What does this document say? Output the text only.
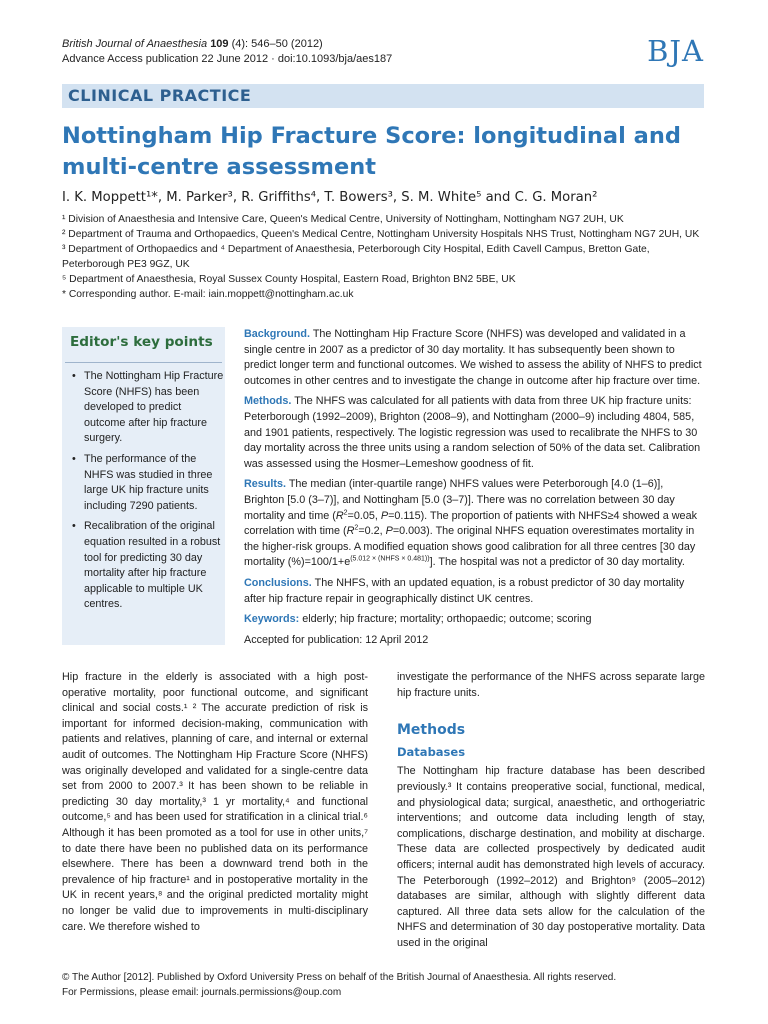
British Journal of Anaesthesia 109 (4): 546–50 (2012)
Advance Access publication 22 June 2012 · doi:10.1093/bja/aes187	BJA
CLINICAL PRACTICE
Nottingham Hip Fracture Score: longitudinal and multi-centre assessment
I. K. Moppett¹*, M. Parker³, R. Griffiths⁴, T. Bowers³, S. M. White⁵ and C. G. Moran²
¹ Division of Anaesthesia and Intensive Care, Queen's Medical Centre, University of Nottingham, Nottingham NG7 2UH, UK
² Department of Trauma and Orthopaedics, Queen's Medical Centre, Nottingham University Hospitals NHS Trust, Nottingham NG7 2UH, UK
³ Department of Orthopaedics and ⁴ Department of Anaesthesia, Peterborough City Hospital, Edith Cavell Campus, Bretton Gate,
Peterborough PE3 9GZ, UK
⁵ Department of Anaesthesia, Royal Sussex County Hospital, Eastern Road, Brighton BN2 5BE, UK
* Corresponding author. E-mail: iain.moppett@nottingham.ac.uk
Editor's key points
• The Nottingham Hip Fracture Score (NHFS) has been developed to predict outcome after hip fracture surgery.
• The performance of the NHFS was studied in three large UK hip fracture units including 7290 patients.
• Recalibration of the original equation resulted in a robust tool for predicting 30 day mortality after hip fracture applicable to multiple UK centres.

Background. The Nottingham Hip Fracture Score (NHFS) was developed and validated in a single centre in 2007 as a predictor of 30 day mortality. It has subsequently been shown to predict longer term and functional outcomes. We wished to assess the ability of NHFS to predict outcomes in other centres and to investigate the change in outcome after hip fracture over time.

Methods. The NHFS was calculated for all patients with data from three UK hip fracture units: Peterborough (1992–2009), Brighton (2008–9), and Nottingham (2000–9) including 4804, 585, and 1901 patients, respectively. The logistic regression was used to recalibrate the NHFS to 30 day mortality across the three units using a random selection of 50% of the data set. Calibration was assessed using the Hosmer–Lemeshow goodness of fit.

Results. The median (inter-quartile range) NHFS values were Peterborough [4.0 (1–6)], Brighton [5.0 (3–7)], and Nottingham [5.0 (3–7)]. There was no correlation between 30 day mortality and time ($R^2=0.05$, P=0.115). The proportion of patients with NHFS≥4 showed a weak correlation with time ($R^2=0.2$, P=0.003). The original NHFS equation overestimates mortality in the higher-risk groups. A modified equation shows good calibration for all three centres [30 day mortality $(\%)=100/1+e^{(5.012 \times (NHFS \times 0.481))}$]. The hospital was not a predictor of 30 day mortality.

Conclusions. The NHFS, with an updated equation, is a robust predictor of 30 day mortality after hip fracture repair in geographically distinct UK centres.

Keywords: elderly; hip fracture; mortality; orthopaedic; outcome; scoring

Accepted for publication: 12 April 2012

Hip fracture in the elderly is associated with a high post-operative mortality, poor functional outcome, and significant clinical and social costs.¹ ² The accurate prediction of risk is important for informed decision-making, communication with patients and relatives, planning of care, and internal or external audit of outcomes. The Nottingham Hip Fracture Score (NHFS) was originally developed and validated for a single-centre data set from 2000 to 2007.³ It has been shown to be reliable in predicting 30 day mortality,³ 1 yr mortality,⁴ and functional outcome,⁵ and has been used for stratification in a clinical trial.⁶ Although it has been promoted as a tool for use in other units,⁷ to date there have been no published data on its performance elsewhere. There has been a downward trend both in the prevalence of hip fracture¹ and in postoperative mortality in the UK in recent years,⁸ and the original predicted mortality might no longer be valid due to improvements in multi-disciplinary care. We therefore wished to
investigate the performance of the NHFS across separate large hip fracture units.
Methods
Databases
The Nottingham hip fracture database has been described previously.³ It contains preoperative social, functional, medical, and physiological data; surgical, anaesthetic, and orthogeriatric interventions; and outcome data including length of stay, complications, discharge destination, and mobility at discharge. These data are collected prospectively by dedicated audit officers; internal audit has demonstrated high levels of accuracy. The Peterborough (1992–2012) and Brighton⁹ (2005–2012) databases are similar, although with slightly different data captured. All three data sets allow for the calculation of the NHFS and determination of 30 day postoperative mortality. Data used in the original
© The Author [2012]. Published by Oxford University Press on behalf of the British Journal of Anaesthesia. All rights reserved.
For Permissions, please email: journals.permissions@oup.com
